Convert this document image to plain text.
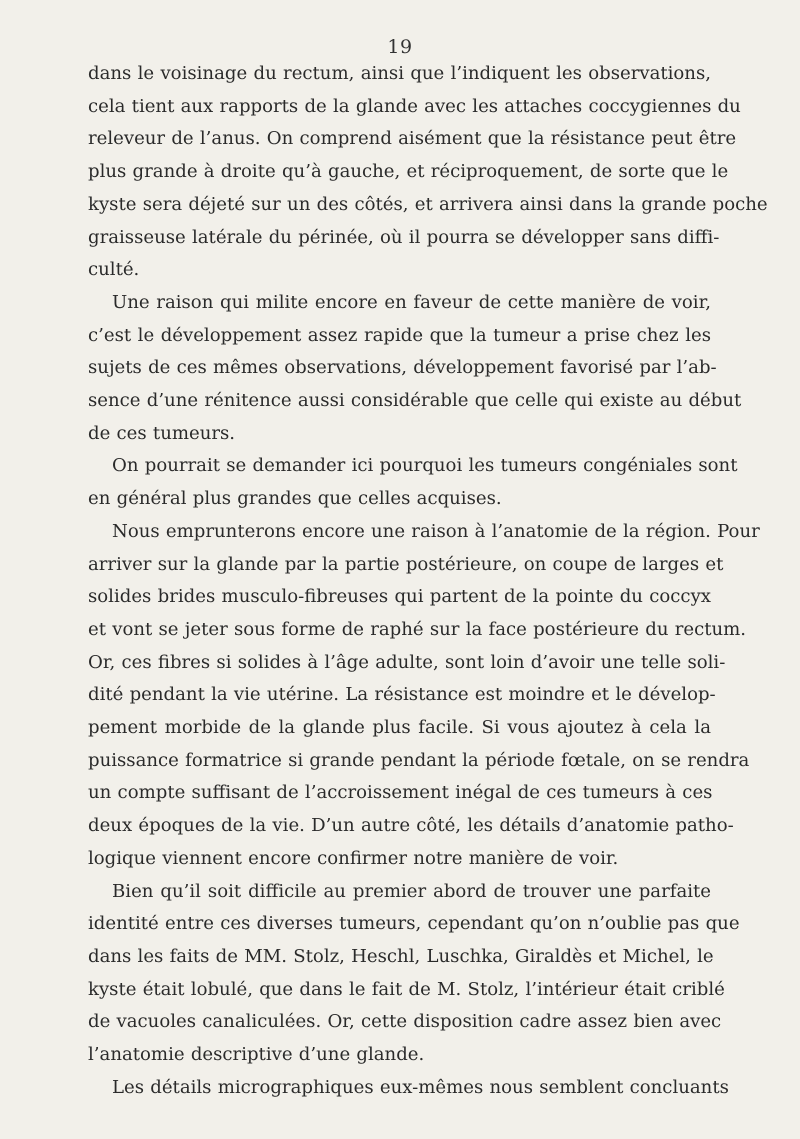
19

dans le voisinage du rectum, ainsi que l’indiquent les observations,
cela tient aux rapports de la glande avec les attaches coccygiennes du
releveur de l’anus. On comprend aisément que la résistance peut être
plus grande à droite qu’à gauche, et réciproquement, de sorte que le
kyste sera déjeté sur un des côtés, et arrivera ainsi dans la grande poche
graisseuse latérale du périnée, où il pourra se développer sans diffi-
culté.

Une raison qui milite encore en faveur de cette manière de voir,
c’est le développement assez rapide que la tumeur a prise chez les
sujets de ces mêmes observations, développement favorisé par l’ab-
sence d’une rénitence aussi considérable que celle qui existe au début
de ces tumeurs.

On pourrait se demander ici pourquoi les tumeurs congéniales sont
en général plus grandes que celles acquises.

Nous emprunterons encore une raison à l’anatomie de la région. Pour
arriver sur la glande par la partie postérieure, on coupe de larges et
solides brides musculo-fibreuses qui partent de la pointe du coccyx
et vont se jeter sous forme de raphé sur la face postérieure du rectum.
Or, ces fibres si solides à l’âge adulte, sont loin d’avoir une telle soli-
dité pendant la vie utérine. La résistance est moindre et le dévelop-
pement morbide de la glande plus facile. Si vous ajoutez à cela la
puissance formatrice si grande pendant la période fœtale, on se rendra
un compte suffisant de l’accroissement inégal de ces tumeurs à ces
deux époques de la vie. D’un autre côté, les détails d’anatomie patho-
logique viennent encore confirmer notre manière de voir.

Bien qu’il soit difficile au premier abord de trouver une parfaite
identité entre ces diverses tumeurs, cependant qu’on n’oublie pas que
dans les faits de MM. Stolz, Heschl, Luschka, Giraldès et Michel, le
kyste était lobulé, que dans le fait de M. Stolz, l’intérieur était criblé
de vacuoles canaliculées. Or, cette disposition cadre assez bien avec
l’anatomie descriptive d’une glande.

Les détails micrographiques eux-mêmes nous semblent concluants
